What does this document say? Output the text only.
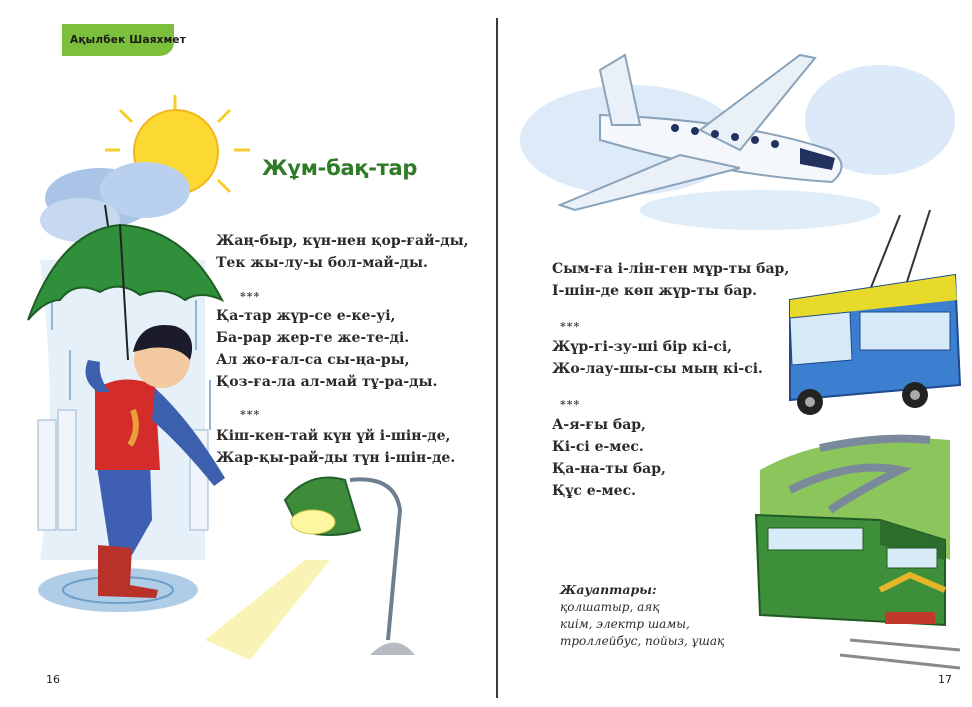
Ақылбек Шаяхмет
Жұм-бақ-тар
Жаң-быр, күн-нен қор-ғай-ды,
Тек жы-лу-ы бол-май-ды.
***
Қа-тар жүр-се е-ке-уі,
Ба-рар жер-ге же-те-ді.
Ал жо-ғал-са сы-ңа-ры,
Қоз-ға-ла ал-май тұ-ра-ды.
***
Кіш-кен-тай күн үй і-шін-де,
Жар-қы-рай-ды түн і-шін-де.
16
Сым-ға і-лін-ген мұр-ты бар,
І-шін-де көп жүр-ты бар.
***
Жүр-гі-зу-ші бір кі-сі,
Жо-лау-шы-сы мың кі-сі.
***
А-я-ғы бар,
Кі-сі е-мес.
Қа-на-ты бар,
Құс е-мес.
Жауаптары:
қолшатыр, аяқ
киім, электр шамы,
троллейбус, пойыз, ұшақ
17
